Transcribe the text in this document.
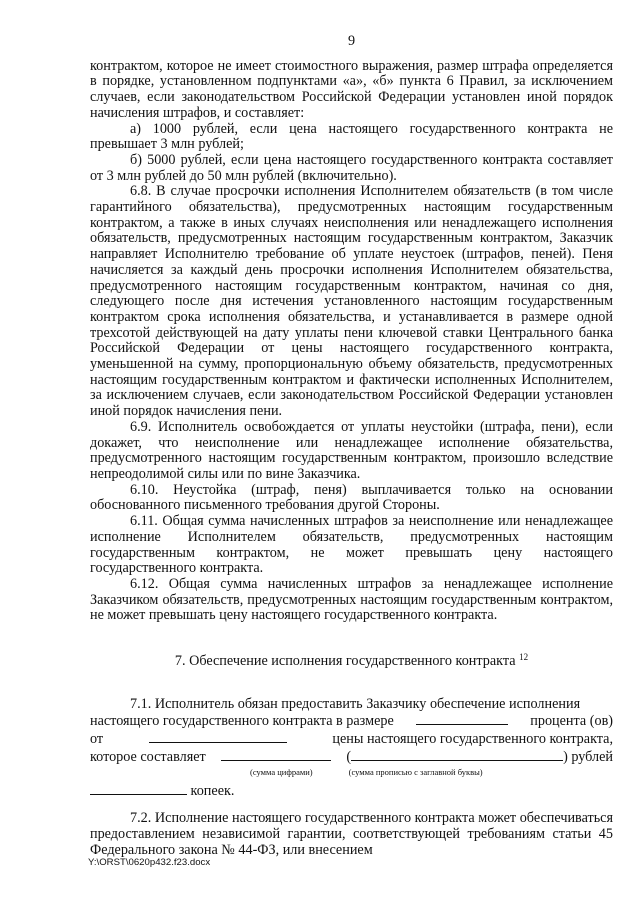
9

контрактом, которое не имеет стоимостного выражения, размер штрафа определяется в порядке, установленном подпунктами «а», «б» пункта 6 Правил, за исключением случаев, если законодательством Российской Федерации установлен иной порядок начисления штрафов, и составляет:

а) 1000 рублей, если цена настоящего государственного контракта не превышает 3 млн рублей;

б) 5000 рублей, если цена настоящего государственного контракта составляет от 3 млн рублей до 50 млн рублей (включительно).

6.8. В случае просрочки исполнения Исполнителем обязательств (в том числе гарантийного обязательства), предусмотренных настоящим государственным контрактом, а также в иных случаях неисполнения или ненадлежащего исполнения обязательств, предусмотренных настоящим государственным контрактом, Заказчик направляет Исполнителю требование об уплате неустоек (штрафов, пеней). Пеня начисляется за каждый день просрочки исполнения Исполнителем обязательства, предусмотренного настоящим государственным контрактом, начиная со дня, следующего после дня истечения установленного настоящим государственным контрактом срока исполнения обязательства, и устанавливается в размере одной трехсотой действующей на дату уплаты пени ключевой ставки Центрального банка Российской Федерации от цены настоящего государственного контракта, уменьшенной на сумму, пропорциональную объему обязательств, предусмотренных настоящим государственным контрактом и фактически исполненных Исполнителем, за исключением случаев, если законодательством Российской Федерации установлен иной порядок начисления пени.

6.9. Исполнитель освобождается от уплаты неустойки (штрафа, пени), если докажет, что неисполнение или ненадлежащее исполнение обязательства, предусмотренного настоящим государственным контрактом, произошло вследствие непреодолимой силы или по вине Заказчика.

6.10. Неустойка (штраф, пеня) выплачивается только на основании обоснованного письменного требования другой Стороны.

6.11. Общая сумма начисленных штрафов за неисполнение или ненадлежащее исполнение Исполнителем обязательств, предусмотренных настоящим государственным контрактом, не может превышать цену настоящего государственного контракта.

6.12. Общая сумма начисленных штрафов за ненадлежащее исполнение Заказчиком обязательств, предусмотренных настоящим государственным контрактом, не может превышать цену настоящего государственного контракта.

7. Обеспечение исполнения государственного контракта $^{12}$

7.1. Исполнитель обязан предоставить Заказчику обеспечение исполнения

настоящего государственного контракта в размере	процента (ов)
от	цены настоящего государственного контракта,
которое составляет	(	) рублей
(сумма цифрами)	(сумма прописью с заглавной буквы)
копеек.

7.2. Исполнение настоящего государственного контракта может обеспечиваться предоставлением независимой гарантии, соответствующей требованиям статьи 45 Федерального закона № 44-ФЗ, или внесением

Y:\ORST\0620p432.f23.docx
